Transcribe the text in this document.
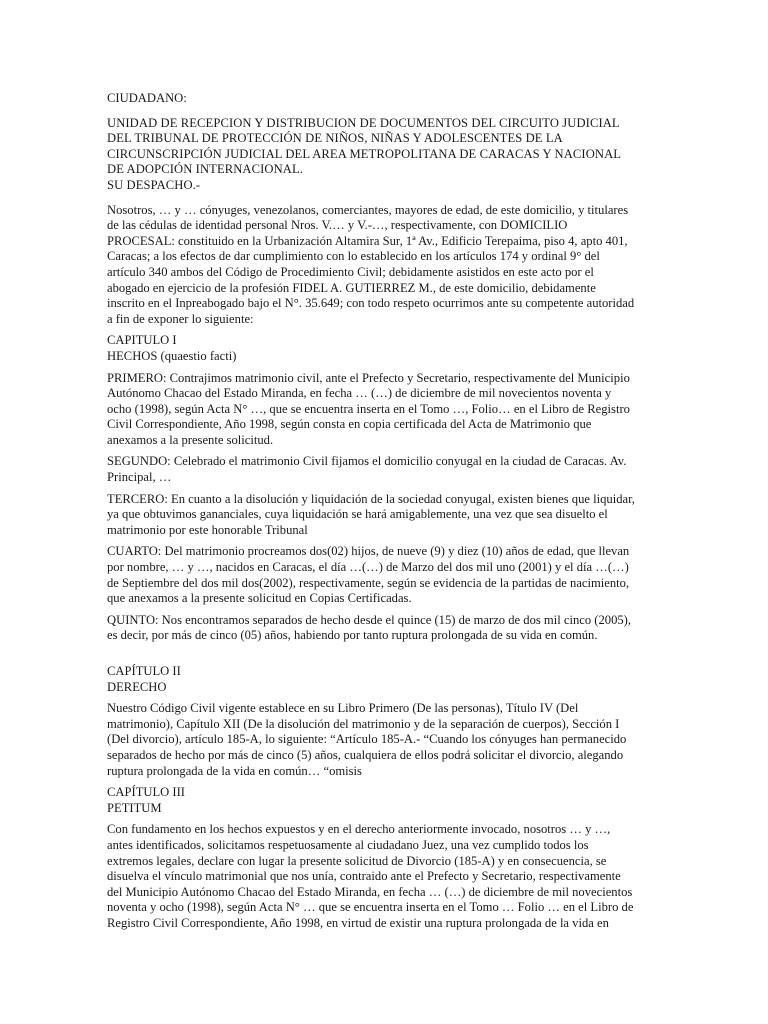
CIUDADANO:
UNIDAD DE RECEPCION Y DISTRIBUCION DE DOCUMENTOS DEL CIRCUITO JUDICIAL
DEL TRIBUNAL DE PROTECCIÓN DE NIÑOS, NIÑAS Y ADOLESCENTES DE LA
CIRCUNSCRIPCIÓN JUDICIAL DEL AREA METROPOLITANA DE CARACAS Y NACIONAL
DE ADOPCIÓN INTERNACIONAL.
SU DESPACHO.-
Nosotros, … y … cónyuges, venezolanos, comerciantes, mayores de edad, de este domicilio, y titulares
de las cédulas de identidad personal Nros. V.… y V.-…, respectivamente, con DOMICILIO
PROCESAL: constituido en la Urbanización Altamira Sur, 1ª Av., Edificio Terepaima, piso 4, apto 401,
Caracas; a los efectos de dar cumplimiento con lo establecido en los artículos 174 y ordinal 9° del
artículo 340 ambos del Código de Procedimiento Civil; debidamente asistidos en este acto por el
abogado en ejercicio de la profesión FIDEL A. GUTIERREZ M., de este domicilio, debidamente
inscrito en el Inpreabogado bajo el N°. 35.649; con todo respeto ocurrimos ante su competente autoridad
a fin de exponer lo siguiente:
CAPITULO I
HECHOS (quaestio facti)
PRIMERO: Contrajimos matrimonio civil, ante el Prefecto y Secretario, respectivamente del Municipio
Autónomo Chacao del Estado Miranda, en fecha … (…) de diciembre de mil novecientos noventa y
ocho (1998), según Acta N° …, que se encuentra inserta en el Tomo …, Folio… en el Libro de Registro
Civil Correspondiente, Año 1998, según consta en copia certificada del Acta de Matrimonio que
anexamos a la presente solicitud.
SEGUNDO: Celebrado el matrimonio Civil fijamos el domicilio conyugal en la ciudad de Caracas. Av.
Principal, …
TERCERO: En cuanto a la disolución y liquidación de la sociedad conyugal, existen bienes que liquidar,
ya que obtuvimos gananciales, cuya liquidación se hará amigablemente, una vez que sea disuelto el
matrimonio por este honorable Tribunal
CUARTO: Del matrimonio procreamos dos(02) hijos, de nueve (9) y diez (10) años de edad, que llevan
por nombre, … y …, nacidos en Caracas, el día …(…) de Marzo del dos mil uno (2001) y el día …(…)
de Septiembre del dos mil dos(2002), respectivamente, según se evidencia de la partidas de nacimiento,
que anexamos a la presente solicitud en Copias Certificadas.
QUINTO: Nos encontramos separados de hecho desde el quince (15) de marzo de dos mil cinco (2005),
es decir, por más de cinco (05) años, habiendo por tanto ruptura prolongada de su vida en común.
CAPÍTULO II
DERECHO
Nuestro Código Civil vigente establece en su Libro Primero (De las personas), Título IV (Del
matrimonio), Capítulo XII (De la disolución del matrimonio y de la separación de cuerpos), Sección I
(Del divorcio), artículo 185-A, lo siguiente: “Artículo 185-A.- “Cuando los cónyuges han permanecido
separados de hecho por más de cinco (5) años, cualquiera de ellos podrá solicitar el divorcio, alegando
ruptura prolongada de la vida en común… “omisis
CAPÍTULO III
PETITUM
Con fundamento en los hechos expuestos y en el derecho anteriormente invocado, nosotros … y …,
antes identificados, solicitamos respetuosamente al ciudadano Juez, una vez cumplido todos los
extremos legales, declare con lugar la presente solicitud de Divorcio (185-A) y en consecuencia, se
disuelva el vínculo matrimonial que nos unía, contraido ante el Prefecto y Secretario, respectivamente
del Municipio Autónomo Chacao del Estado Miranda, en fecha … (…) de diciembre de mil novecientos
noventa y ocho (1998), según Acta N° … que se encuentra inserta en el Tomo … Folio … en el Libro de
Registro Civil Correspondiente, Año 1998, en virtud de existir una ruptura prolongada de la vida en
